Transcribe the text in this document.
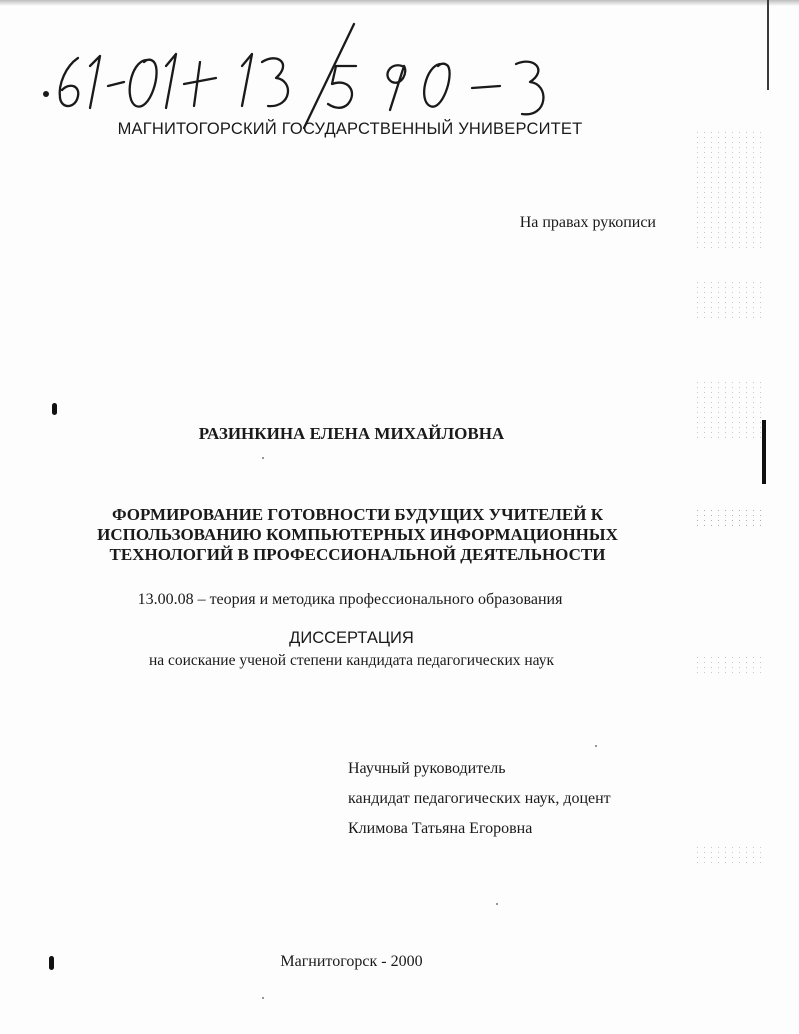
МАГНИТОГОРСКИЙ ГОСУДАРСТВЕННЫЙ УНИВЕРСИТЕТ
На правах рукописи
РАЗИНКИНА ЕЛЕНА МИХАЙЛОВНА
ФОРМИРОВАНИЕ ГОТОВНОСТИ БУДУЩИХ УЧИТЕЛЕЙ К
ИСПОЛЬЗОВАНИЮ КОМПЬЮТЕРНЫХ ИНФОРМАЦИОННЫХ
ТЕХНОЛОГИЙ В ПРОФЕССИОНАЛЬНОЙ ДЕЯТЕЛЬНОСТИ
13.00.08 – теория и методика профессионального образования
ДИССЕРТАЦИЯ
на соискание ученой степени кандидата педагогических наук
Научный руководитель
кандидат педагогических наук, доцент
Климова Татьяна Егоровна
Магнитогорск - 2000
